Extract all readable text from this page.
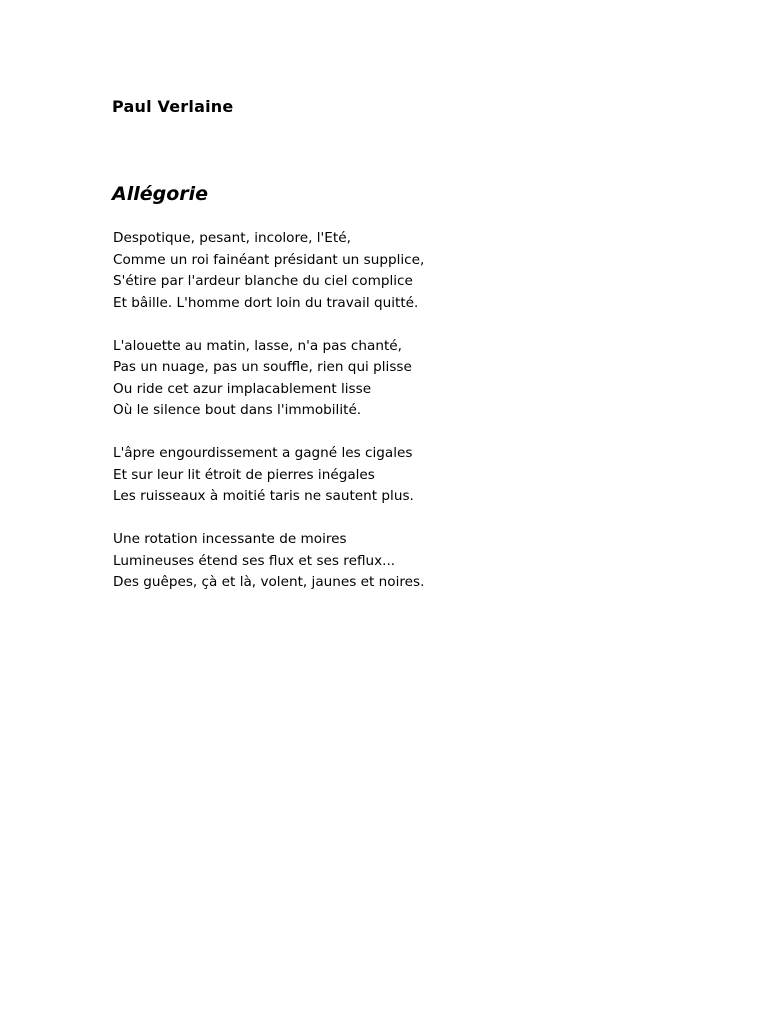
Paul Verlaine
Allégorie
Despotique, pesant, incolore, l'Eté,
Comme un roi fainéant présidant un supplice,
S'étire par l'ardeur blanche du ciel complice
Et bâille. L'homme dort loin du travail quitté.
L'alouette au matin, lasse, n'a pas chanté,
Pas un nuage, pas un souffle, rien qui plisse
Ou ride cet azur implacablement lisse
Où le silence bout dans l'immobilité.
L'âpre engourdissement a gagné les cigales
Et sur leur lit étroit de pierres inégales
Les ruisseaux à moitié taris ne sautent plus.
Une rotation incessante de moires
Lumineuses étend ses flux et ses reflux...
Des guêpes, çà et là, volent, jaunes et noires.
